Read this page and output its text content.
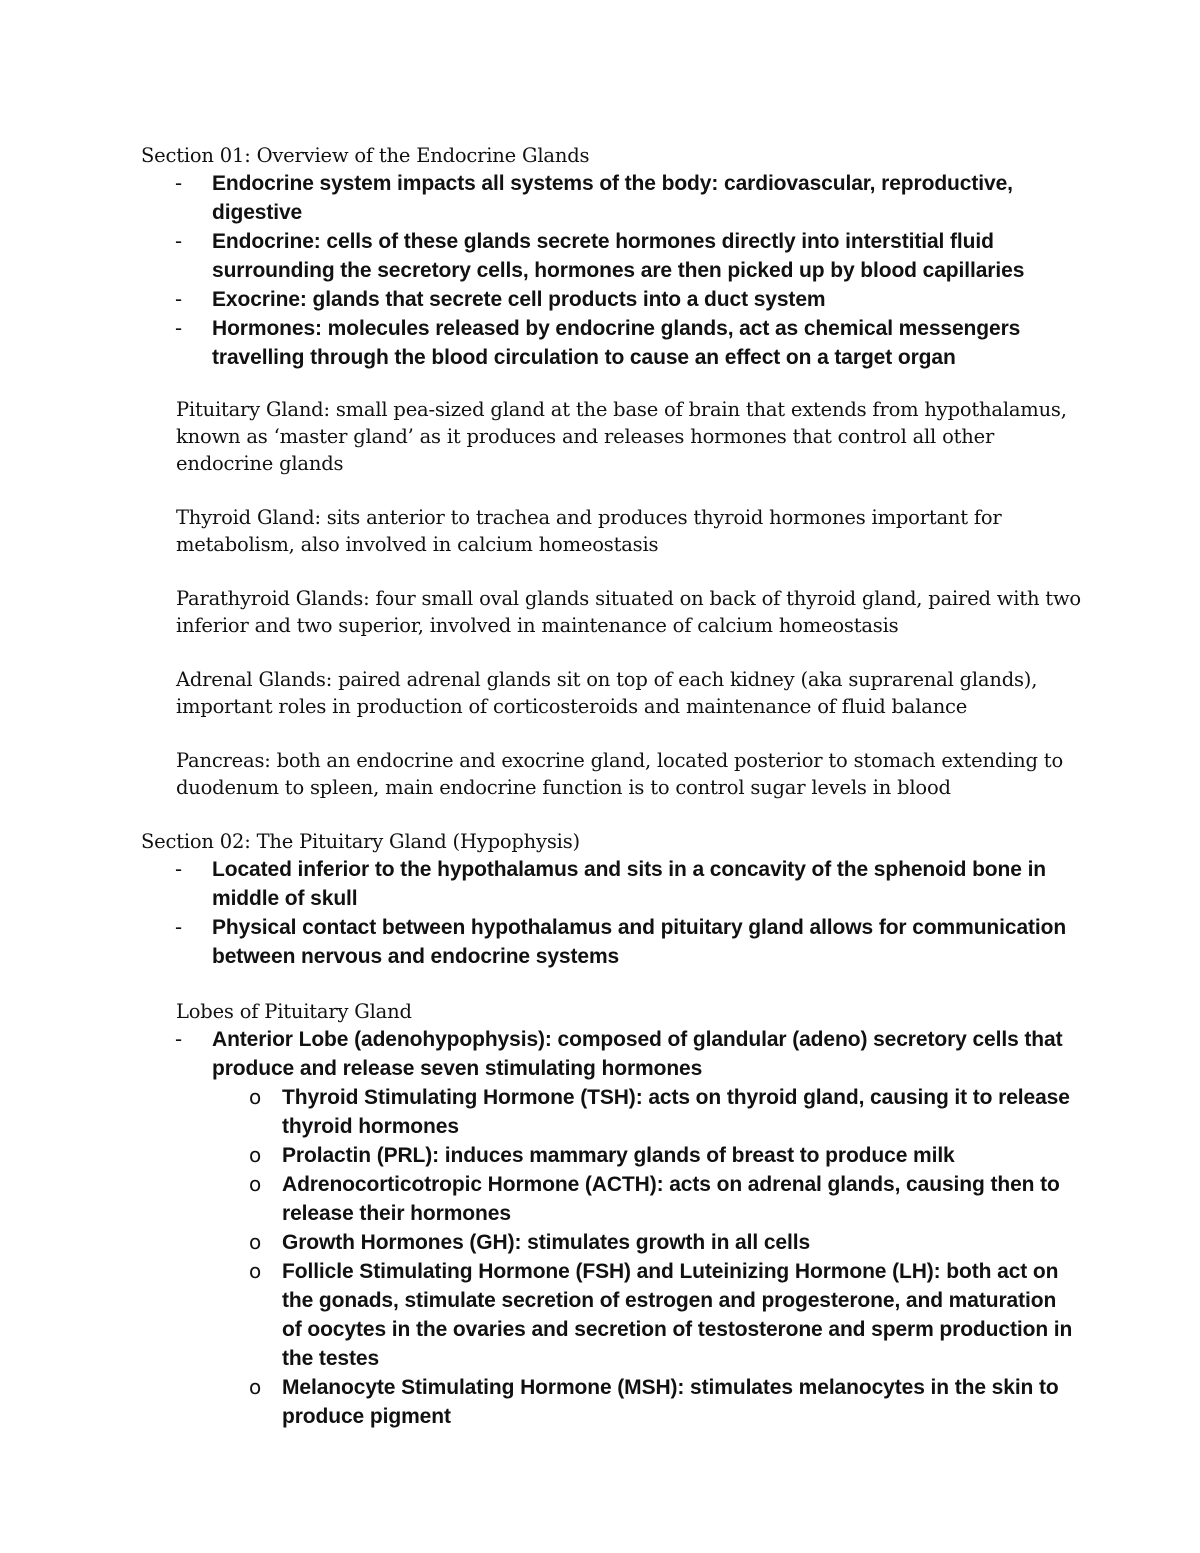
Section 01: Overview of the Endocrine Glands

- Endocrine system impacts all systems of the body: cardiovascular, reproductive, digestive
- Endocrine: cells of these glands secrete hormones directly into interstitial fluid surrounding the secretory cells, hormones are then picked up by blood capillaries
- Exocrine: glands that secrete cell products into a duct system
- Hormones: molecules released by endocrine glands, act as chemical messengers travelling through the blood circulation to cause an effect on a target organ

Pituitary Gland: small pea-sized gland at the base of brain that extends from hypothalamus, known as ‘master gland’ as it produces and releases hormones that control all other endocrine glands

Thyroid Gland: sits anterior to trachea and produces thyroid hormones important for metabolism, also involved in calcium homeostasis

Parathyroid Glands: four small oval glands situated on back of thyroid gland, paired with two inferior and two superior, involved in maintenance of calcium homeostasis

Adrenal Glands: paired adrenal glands sit on top of each kidney (aka suprarenal glands), important roles in production of corticosteroids and maintenance of fluid balance

Pancreas: both an endocrine and exocrine gland, located posterior to stomach extending to duodenum to spleen, main endocrine function is to control sugar levels in blood

Section 02: The Pituitary Gland (Hypophysis)

- Located inferior to the hypothalamus and sits in a concavity of the sphenoid bone in middle of skull
- Physical contact between hypothalamus and pituitary gland allows for communication between nervous and endocrine systems

Lobes of Pituitary Gland

- Anterior Lobe (adenohypophysis): composed of glandular (adeno) secretory cells that produce and release seven stimulating hormones
o Thyroid Stimulating Hormone (TSH): acts on thyroid gland, causing it to release thyroid hormones
o Prolactin (PRL): induces mammary glands of breast to produce milk
o Adrenocorticotropic Hormone (ACTH): acts on adrenal glands, causing then to release their hormones
o Growth Hormones (GH): stimulates growth in all cells
o Follicle Stimulating Hormone (FSH) and Luteinizing Hormone (LH): both act on the gonads, stimulate secretion of estrogen and progesterone, and maturation of oocytes in the ovaries and secretion of testosterone and sperm production in the testes
o Melanocyte Stimulating Hormone (MSH): stimulates melanocytes in the skin to produce pigment
